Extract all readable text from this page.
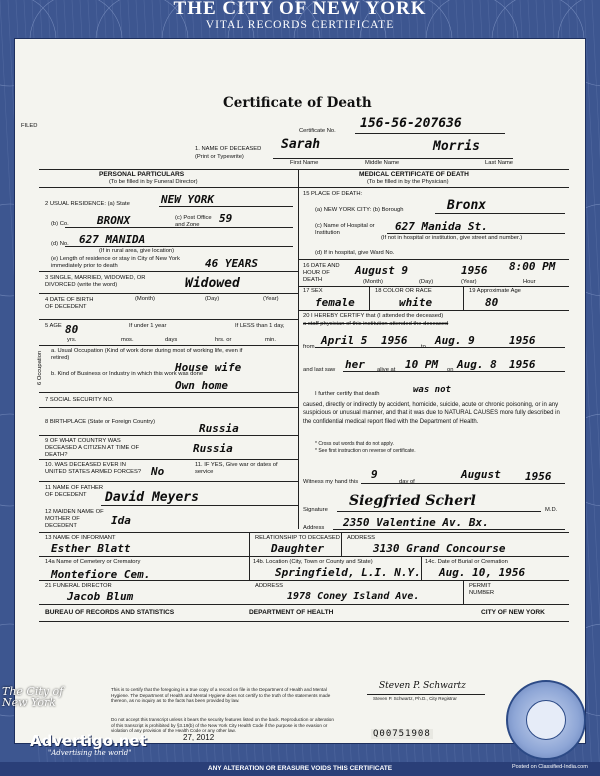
THE CITY OF NEW YORK
VITAL RECORDS CERTIFICATE
Certificate of Death
FILED
Certificate No. 156-56-207636
1. NAME OF DECEASED
(Print or Typewrite)
Sarah	Morris
First Name	Middle Name	Last Name
PERSONAL PARTICULARS
(To be filled in by Funeral Director)
MEDICAL CERTIFICATE OF DEATH
(To be filled in by the Physician)
2 USUAL RESIDENCE: (a) State	NEW YORK
(b) Co.	BRONX	(c) Post Office and Zone	59
(d) No. 627 MANIDA
(If in rural area, give location)
(e) Length of residence or stay in City of New York immediately prior to death	46 YEARS
3 SINGLE, MARRIED, WIDOWED, OR DIVORCED (write the word)	Widowed
4 DATE OF BIRTH OF DECEDENT
(Month)	(Day)	(Year)
5 AGE 80
yrs.
If under 1 year
mos.	days
If LESS than 1 day,
hrs. or	min.
6 Occupation a. Usual Occupation (Kind of work done during most of working life, even if retired)
House wife
b. Kind of Business or Industry in which this work was done
Own home
7 SOCIAL SECURITY NO.
8 BIRTHPLACE (State or Foreign Country)	Russia
9 OF WHAT COUNTRY WAS DECEASED A CITIZEN AT TIME OF DEATH?	Russia
10. WAS DECEASED EVER IN UNITED STATES ARMED FORCES? No	11. IF YES, Give war or dates of service
11 NAME OF FATHER OF DECEDENT	David Meyers
12 MAIDEN NAME OF MOTHER OF DECEDENT	Ida
15 PLACE OF DEATH:
(a) NEW YORK CITY: (b) Borough	Bronx
(c) Name of Hospital or Institution	627 Manida St.
(If not in hospital or institution, give street and number.)
(d) If in hospital, give Ward No.
16 DATE AND HOUR OF DEATH
August 9	1956 8:00 PM
(Month)	(Day)	(Year)	Hour
17 SEX
female
18 COLOR OR RACE
white
19 Approximate Age
80
20 I HEREBY CERTIFY that (I attended the deceased)
a staff physician of this institution attended the deceased
from April 5 1956 to Aug. 9	1956
and last saw her alive at 10 PM on Aug. 8 1956
I further certify that death	was not
caused, directly or indirectly by accident, homicide, suicide, acute or chronic poisoning, or in any suspicious or unusual manner, and that it was due to NATURAL CAUSES more fully described in the confidential medical report filed with the Department of Health.
* Cross out words that do not apply.
* See first instruction on reverse of certificate.
Witness my hand this
9
day of
August 1956
Signature
Siegfried Scherl
M.D.
Address 2350 Valentine Av. Bx.
13 NAME OF INFORMANT
Esther Blatt
RELATIONSHIP TO DECEASED
Daughter
ADDRESS
3130 Grand Concourse
14a Name of Cemetery or Crematory
Montefiore Cem.
14b. Location (City, Town or County and State)
Springfield, L.I. N.Y.
14c. Date of Burial or Cremation
Aug. 10, 1956
21 FUNERAL DIRECTOR
Jacob Blum
ADDRESS
1978 Coney Island Ave.
PERMIT NUMBER
BUREAU OF RECORDS AND STATISTICS	DEPARTMENT OF HEALTH	CITY OF NEW YORK
This is to certify that the foregoing is a true copy of a record on file in the Department of Health and Mental Hygiene. The Department of Health and Mental Hygiene does not certify to the truth of the statements made thereon, as no inquiry as to the facts has been provided by law.
Do not accept this transcript unless it bears the security features listed on the back. Reproduction or alteration of this transcript is prohibited by §3.19(b) of the New York City Health Code if the purpose is the evasion or violation of any provision of the Health Code or any other law.
27, 2012
Steven P. Schwartz
Steven P. Schwartz, Ph.D., City Registrar
Q00751908
The City of New York
Advertigo.net
"Advertising the world"
ANY ALTERATION OR ERASURE VOIDS THIS CERTIFICATE	Posted on Classified-India.com
